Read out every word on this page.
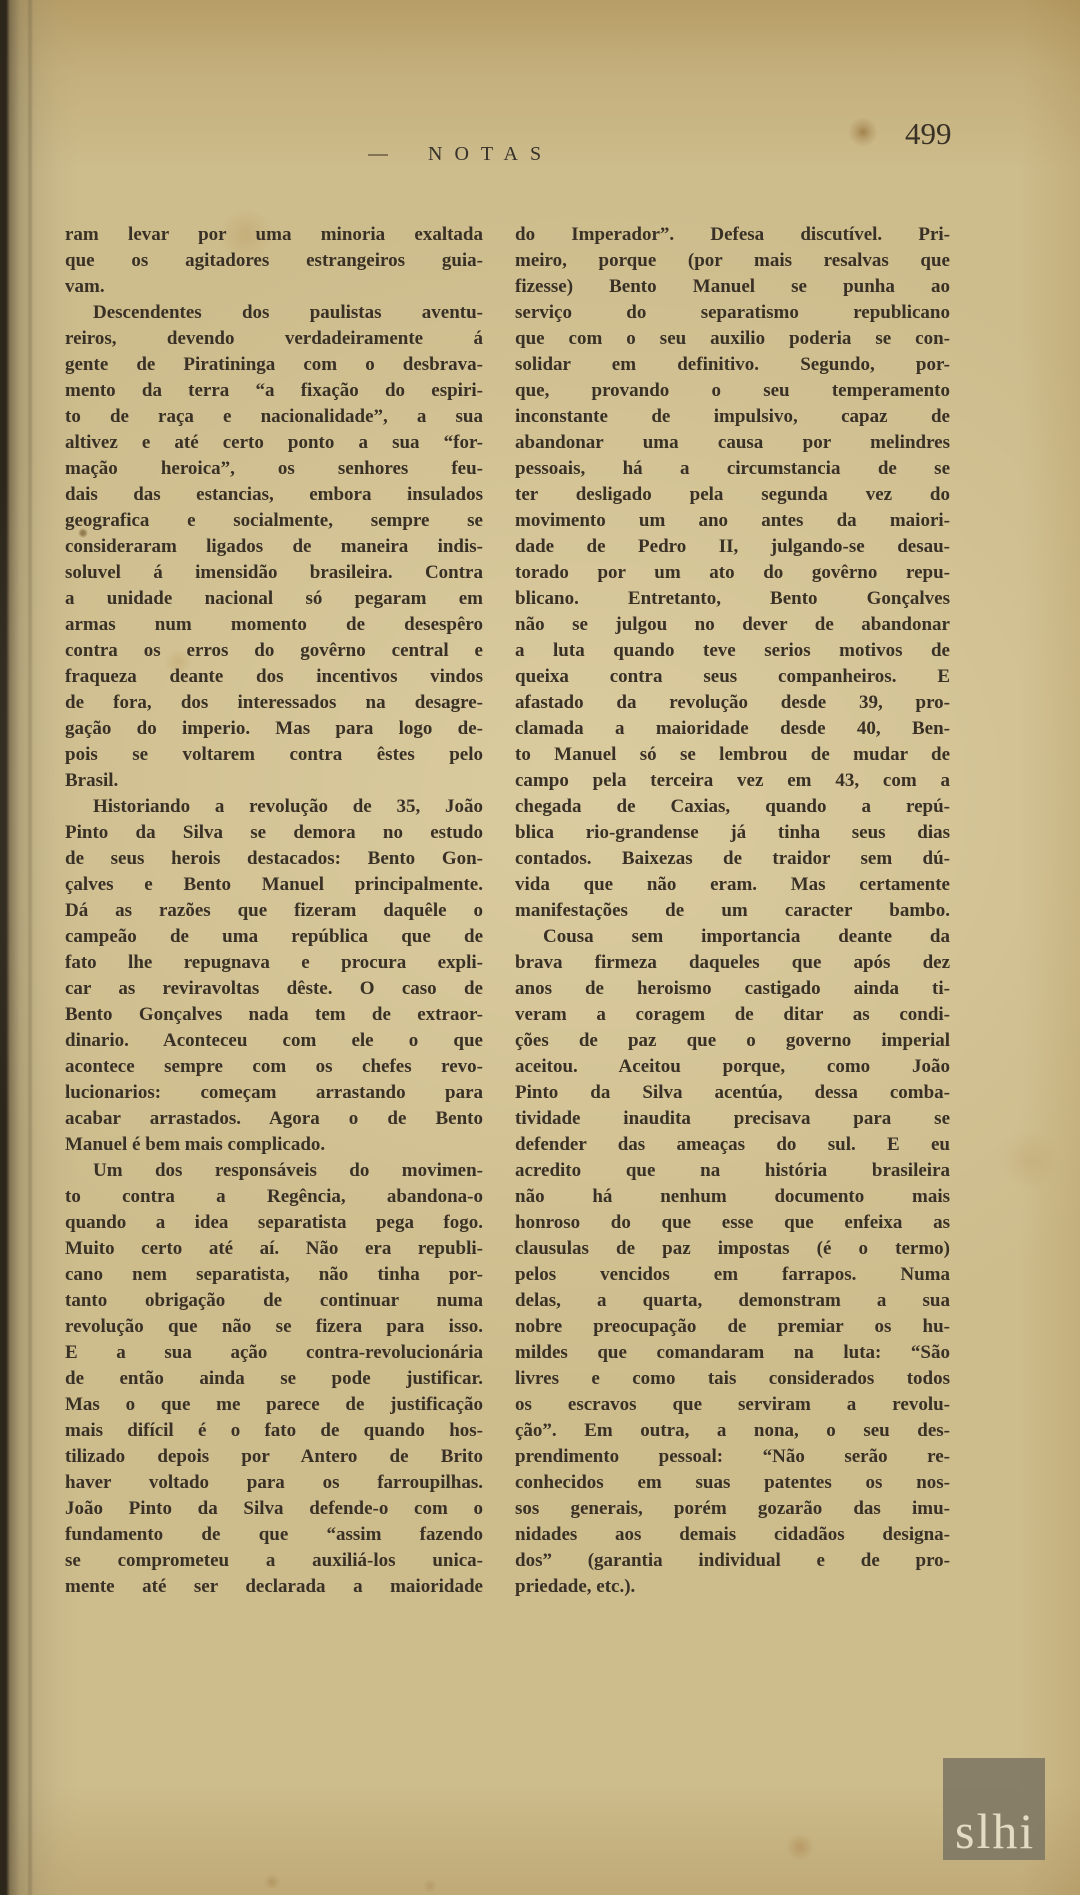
NOTAS
499
ram levar por uma minoria exaltada
que os agitadores estrangeiros guia-
vam.
Descendentes dos paulistas aventu-
reiros, devendo verdadeiramente á
gente de Piratininga com o desbrava-
mento da terra “a fixação do espiri-
to de raça e nacionalidade”, a sua
altivez e até certo ponto a sua “for-
mação heroica”, os senhores feu-
dais das estancias, embora insulados
geografica e socialmente, sempre se
consideraram ligados de maneira indis-
soluvel á imensidão brasileira. Contra
a unidade nacional só pegaram em
armas num momento de desespêro
contra os erros do govêrno central e
fraqueza deante dos incentivos vindos
de fora, dos interessados na desagre-
gação do imperio. Mas para logo de-
pois se voltarem contra êstes pelo
Brasil.
Historiando a revolução de 35, João
Pinto da Silva se demora no estudo
de seus herois destacados: Bento Gon-
çalves e Bento Manuel principalmente.
Dá as razões que fizeram daquêle o
campeão de uma república que de
fato lhe repugnava e procura expli-
car as reviravoltas dêste. O caso de
Bento Gonçalves nada tem de extraor-
dinario. Aconteceu com ele o que
acontece sempre com os chefes revo-
lucionarios: começam arrastando para
acabar arrastados. Agora o de Bento
Manuel é bem mais complicado.
Um dos responsáveis do movimen-
to contra a Regência, abandona-o
quando a idea separatista pega fogo.
Muito certo até aí. Não era republi-
cano nem separatista, não tinha por-
tanto obrigação de continuar numa
revolução que não se fizera para isso.
E a sua ação contra-revolucionária
de então ainda se pode justificar.
Mas o que me parece de justificação
mais difícil é o fato de quando hos-
tilizado depois por Antero de Brito
haver voltado para os farroupilhas.
João Pinto da Silva defende-o com o
fundamento de que “assim fazendo
se comprometeu a auxiliá-los unica-
mente até ser declarada a maioridade
do Imperador”. Defesa discutível. Pri-
meiro, porque (por mais resalvas que
fizesse) Bento Manuel se punha ao
serviço do separatismo republicano
que com o seu auxilio poderia se con-
solidar em definitivo. Segundo, por-
que, provando o seu temperamento
inconstante de impulsivo, capaz de
abandonar uma causa por melindres
pessoais, há a circumstancia de se
ter desligado pela segunda vez do
movimento um ano antes da maiori-
dade de Pedro II, julgando-se desau-
torado por um ato do govêrno repu-
blicano. Entretanto, Bento Gonçalves
não se julgou no dever de abandonar
a luta quando teve serios motivos de
queixa contra seus companheiros. E
afastado da revolução desde 39, pro-
clamada a maioridade desde 40, Ben-
to Manuel só se lembrou de mudar de
campo pela terceira vez em 43, com a
chegada de Caxias, quando a repú-
blica rio-grandense já tinha seus dias
contados. Baixezas de traidor sem dú-
vida que não eram. Mas certamente
manifestações de um caracter bambo.
Cousa sem importancia deante da
brava firmeza daqueles que após dez
anos de heroismo castigado ainda ti-
veram a coragem de ditar as condi-
ções de paz que o governo imperial
aceitou. Aceitou porque, como João
Pinto da Silva acentúa, dessa comba-
tividade inaudita precisava para se
defender das ameaças do sul. E eu
acredito que na história brasileira
não há nenhum documento mais
honroso do que esse que enfeixa as
clausulas de paz impostas (é o termo)
pelos vencidos em farrapos. Numa
delas, a quarta, demonstram a sua
nobre preocupação de premiar os hu-
mildes que comandaram na luta: “São
livres e como tais considerados todos
os escravos que serviram a revolu-
ção”. Em outra, a nona, o seu des-
prendimento pessoal: “Não serão re-
conhecidos em suas patentes os nos-
sos generais, porém gozarão das imu-
nidades aos demais cidadãos designa-
dos” (garantia individual e de pro-
priedade, etc.).
slhi
